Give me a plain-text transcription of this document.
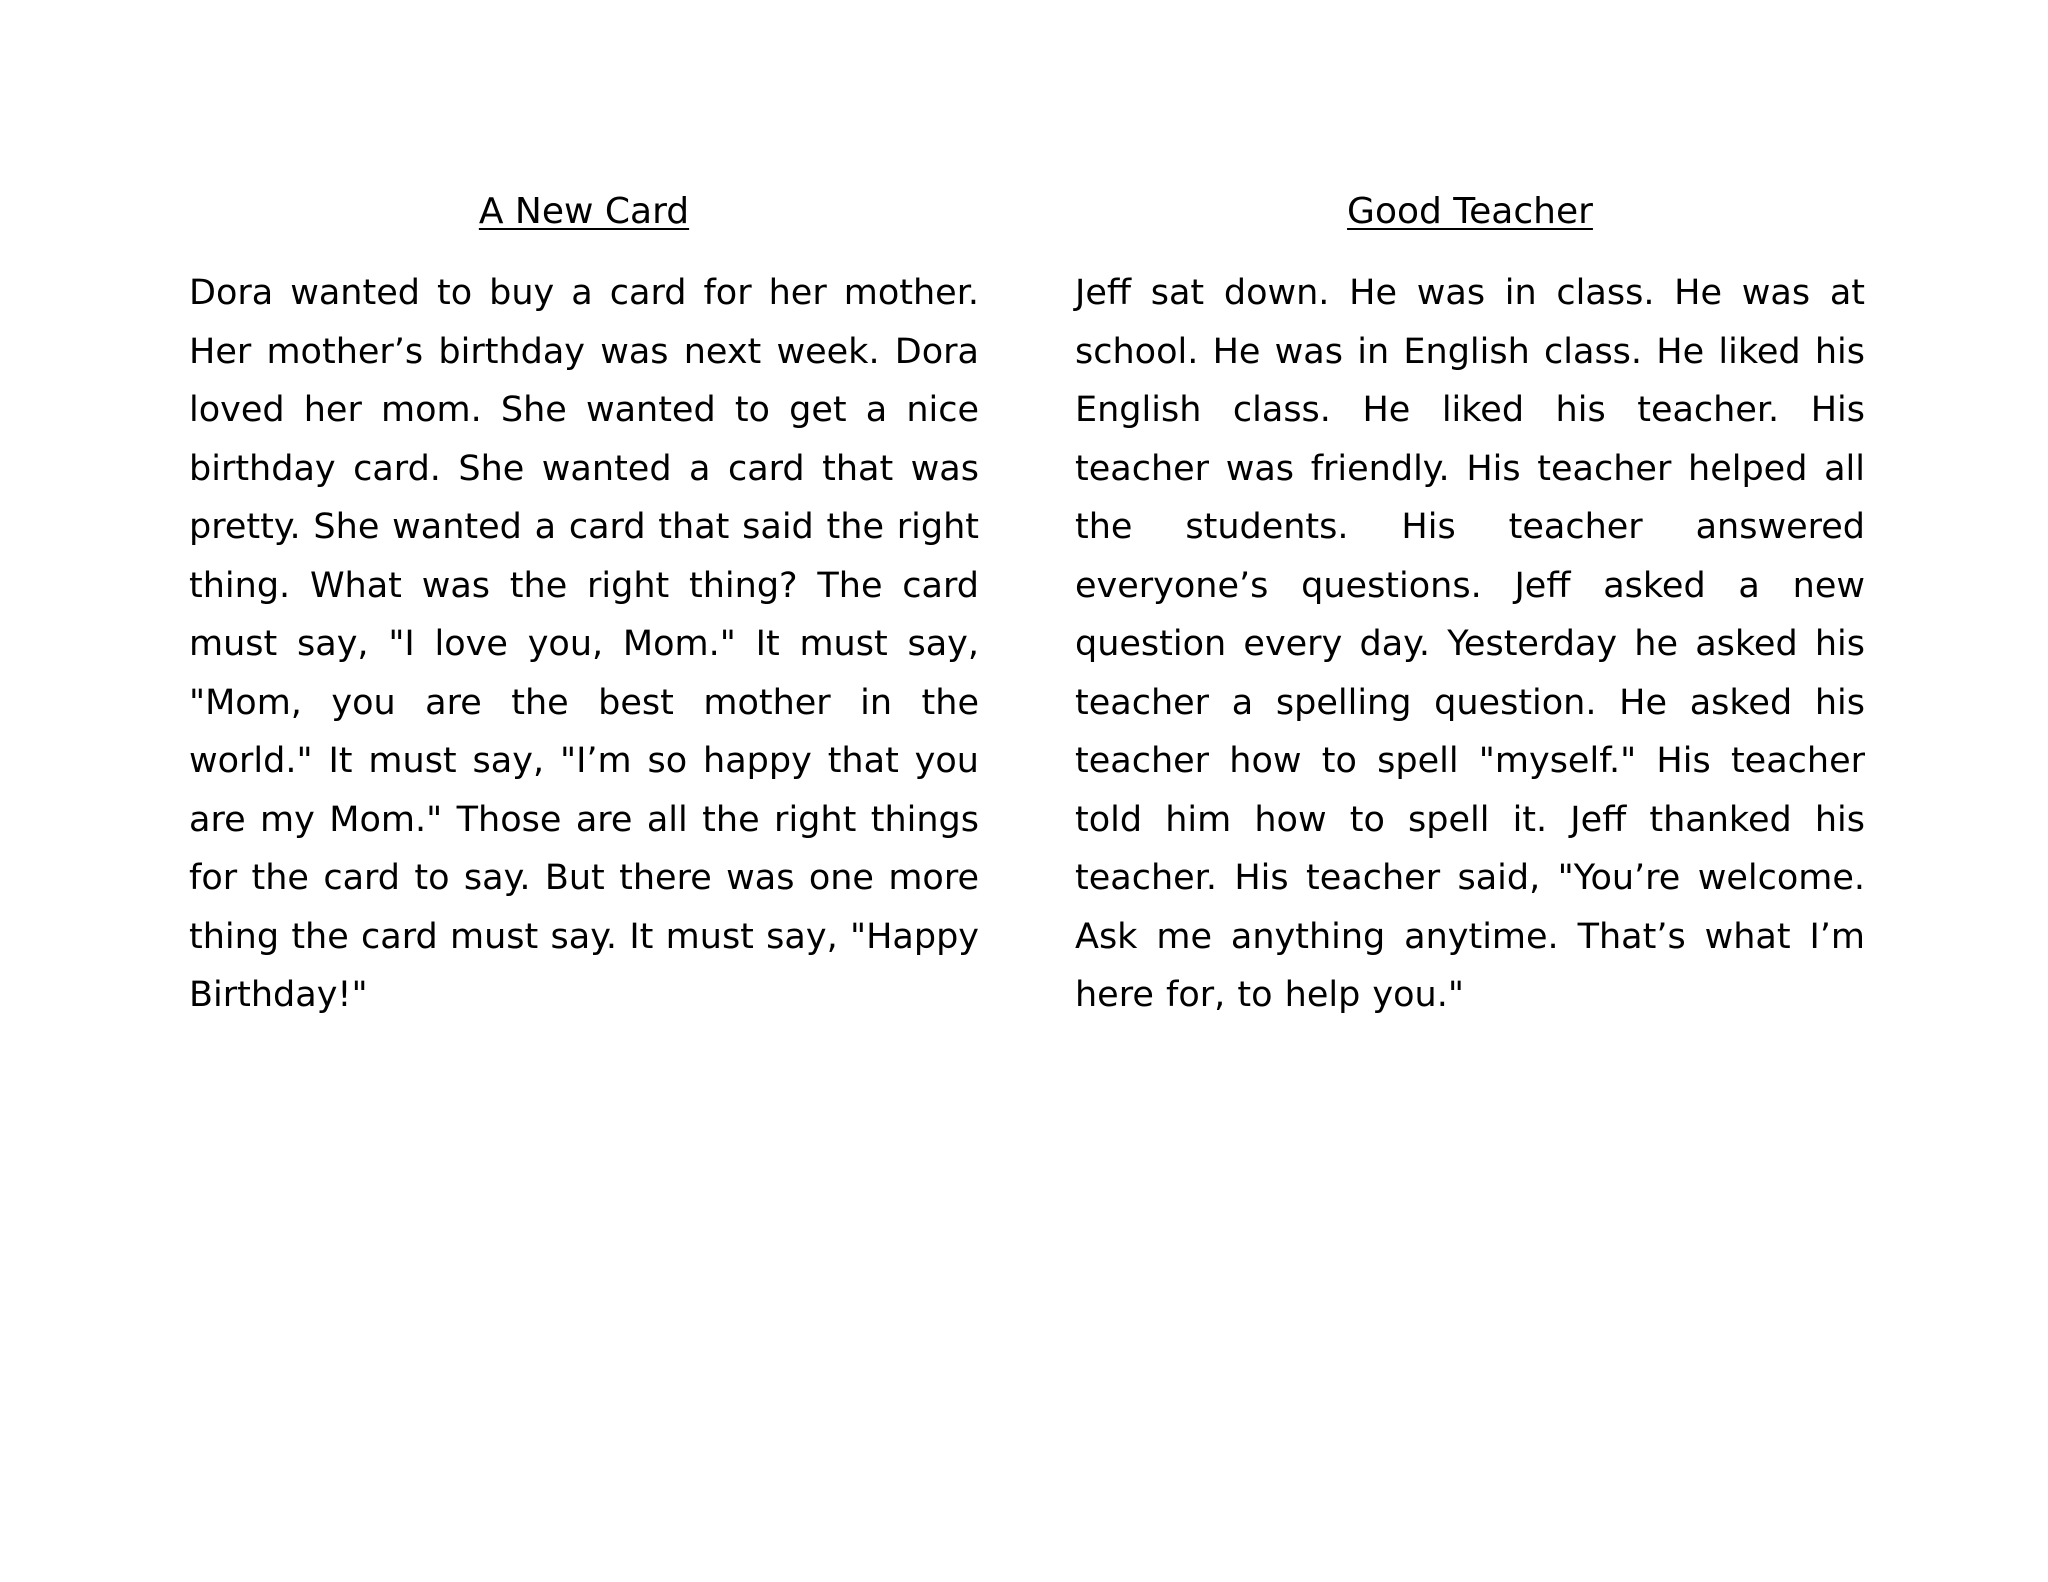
A New Card

Dora wanted to buy a card for her mother. Her mother’s birthday was next week. Dora loved her mom. She wanted to get a nice birthday card. She wanted a card that was pretty. She wanted a card that said the right thing. What was the right thing? The card must say, "I love you, Mom." It must say, "Mom, you are the best mother in the world." It must say, "I’m so happy that you are my Mom." Those are all the right things for the card to say. But there was one more thing the card must say. It must say, "Happy Birthday!"

Good Teacher

Jeff sat down. He was in class. He was at school. He was in English class. He liked his English class. He liked his teacher. His teacher was friendly. His teacher helped all the students. His teacher answered everyone’s questions. Jeff asked a new question every day. Yesterday he asked his teacher a spelling question. He asked his teacher how to spell "myself." His teacher told him how to spell it. Jeff thanked his teacher. His teacher said, "You’re welcome. Ask me anything anytime. That’s what I’m here for, to help you."
